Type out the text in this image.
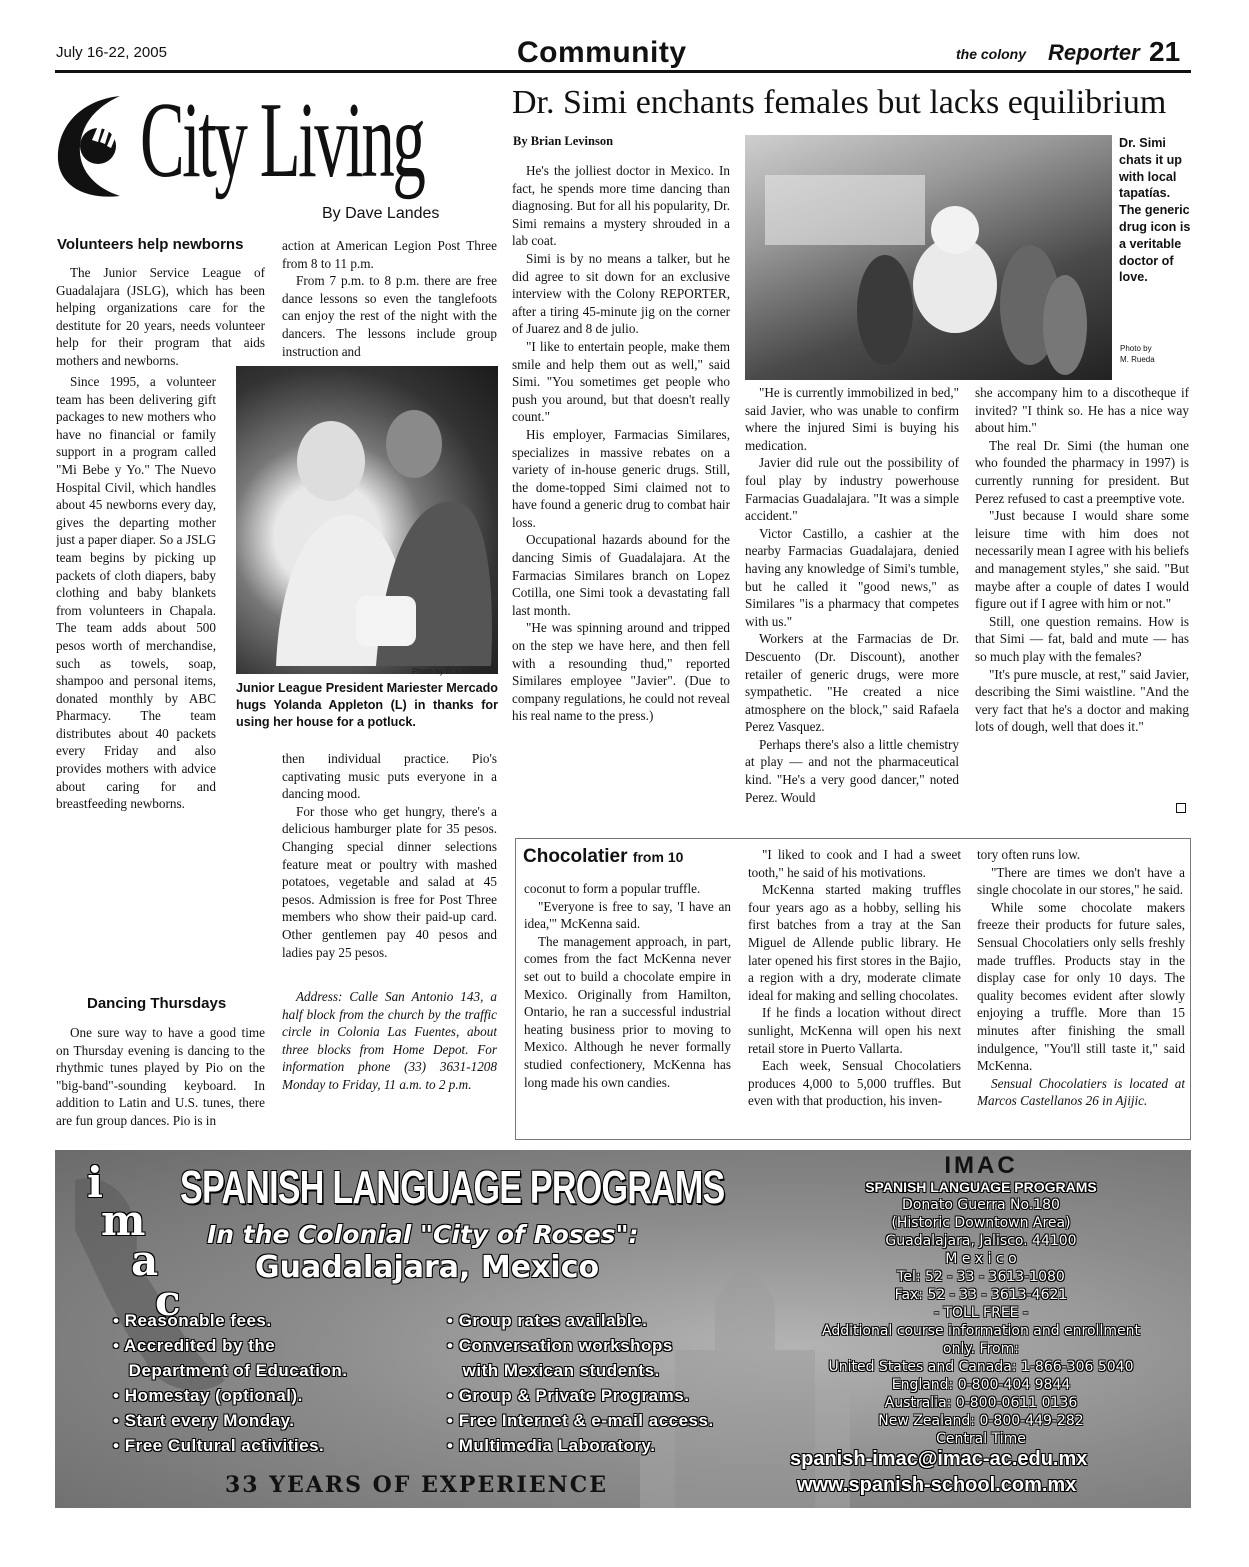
July 16-22, 2005	Community	the colony Reporter 21
City Living
By Dave Landes
Volunteers help newborns

The Junior Service League of Guadalajara (JSLG), which has been helping organizations care for the destitute for 20 years, needs volunteer help for their program that aids mothers and newborns.

Since 1995, a volunteer team has been delivering gift packages to new mothers who have no financial or family support in a program called "Mi Bebe y Yo." The Nuevo Hospital Civil, which handles about 45 newborns every day, gives the departing mother just a paper diaper. So a JSLG team begins by picking up packets of cloth diapers, baby clothing and baby blankets from volunteers in Chapala. The team adds about 500 pesos worth of merchandise, such as towels, soap, shampoo and personal items, donated monthly by ABC Pharmacy. The team distributes about 40 packets every Friday and also provides mothers with advice about caring for and breastfeeding newborns.

Dancing Thursdays

One sure way to have a good time on Thursday evening is dancing to the rhythmic tunes played by Pio on the "big-band"-sounding keyboard. In addition to Latin and U.S. tunes, there are fun group dances. Pio is in

action at American Legion Post Three from 8 to 11 p.m.

From 7 p.m. to 8 p.m. there are free dance lessons so even the tanglefoots can enjoy the rest of the night with the dancers. The lessons include group instruction and

Photo by D. Landes
Junior League President Mariester Mercado hugs Yolanda Appleton (L) in thanks for using her house for a potluck.

then individual practice. Pio's captivating music puts everyone in a dancing mood.

For those who get hungry, there's a delicious hamburger plate for 35 pesos. Changing special dinner selections feature meat or poultry with mashed potatoes, vegetable and salad at 45 pesos. Admission is free for Post Three members who show their paid-up card. Other gentlemen pay 40 pesos and ladies pay 25 pesos.

Address: Calle San Antonio 143, a half block from the church by the traffic circle in Colonia Las Fuentes, about three blocks from Home Depot. For information phone (33) 3631-1208 Monday to Friday, 11 a.m. to 2 p.m.

Dr. Simi enchants females but lacks equilibrium
By Brian Levinson	Dr. Simi chats it up with local tapatías. The generic drug icon is a veritable doctor of love.
Photo by
M. Rueda

He's the jolliest doctor in Mexico. In fact, he spends more time dancing than diagnosing. But for all his popularity, Dr. Simi remains a mystery shrouded in a lab coat.

Simi is by no means a talker, but he did agree to sit down for an exclusive interview with the Colony REPORTER, after a tiring 45-minute jig on the corner of Juarez and 8 de julio.

"I like to entertain people, make them smile and help them out as well," said Simi. "You sometimes get people who push you around, but that doesn't really count."

His employer, Farmacias Similares, specializes in massive rebates on a variety of in-house generic drugs. Still, the dome-topped Simi claimed not to have found a generic drug to combat hair loss.

Occupational hazards abound for the dancing Simis of Guadalajara. At the Farmacias Similares branch on Lopez Cotilla, one Simi took a devastating fall last month.

"He was spinning around and tripped on the step we have here, and then fell with a resounding thud," reported Similares employee "Javier". (Due to company regulations, he could not reveal his real name to the press.)

"He is currently immobilized in bed," said Javier, who was unable to confirm where the injured Simi is buying his medication.

Javier did rule out the possibility of foul play by industry powerhouse Farmacias Guadalajara. "It was a simple accident."

Victor Castillo, a cashier at the nearby Farmacias Guadalajara, denied having any knowledge of Simi's tumble, but he called it "good news," as Similares "is a pharmacy that competes with us."

Workers at the Farmacias de Dr. Descuento (Dr. Discount), another retailer of generic drugs, were more sympathetic. "He created a nice atmosphere on the block," said Rafaela Perez Vasquez.

Perhaps there's also a little chemistry at play — and not the pharmaceutical kind. "He's a very good dancer," noted Perez. Would

she accompany him to a discotheque if invited? "I think so. He has a nice way about him."

The real Dr. Simi (the human one who founded the pharmacy in 1997) is currently running for president. But Perez refused to cast a preemptive vote.

"Just because I would share some leisure time with him does not necessarily mean I agree with his beliefs and management styles," she said. "But maybe after a couple of dates I would figure out if I agree with him or not."

Still, one question remains. How is that Simi — fat, bald and mute — has so much play with the females?

"It's pure muscle, at rest," said Javier, describing the Simi waistline. "And the very fact that he's a doctor and making lots of dough, well that does it."

Chocolatier from 10

coconut to form a popular truffle.

"Everyone is free to say, 'I have an idea,'" McKenna said.

The management approach, in part, comes from the fact McKenna never set out to build a chocolate empire in Mexico. Originally from Hamilton, Ontario, he ran a successful industrial heating business prior to moving to Mexico. Although he never formally studied confectionery, McKenna has long made his own candies.

"I liked to cook and I had a sweet tooth," he said of his motivations.

McKenna started making truffles four years ago as a hobby, selling his first batches from a tray at the San Miguel de Allende public library. He later opened his first stores in the Bajio, a region with a dry, moderate climate ideal for making and selling chocolates.

If he finds a location without direct sunlight, McKenna will open his next retail store in Puerto Vallarta.

Each week, Sensual Chocolatiers produces 4,000 to 5,000 truffles. But even with that production, his inven-

tory often runs low.

"There are times we don't have a single chocolate in our stores," he said.

While some chocolate makers freeze their products for future sales, Sensual Chocolatiers only sells freshly made truffles. Products stay in the display case for only 10 days. The quality becomes evident after slowly enjoying a truffle. More than 15 minutes after finishing the small indulgence, "You'll still taste it," said McKenna.

Sensual Chocolatiers is located at Marcos Castellanos 26 in Ajijic.

i
m
a
c
SPANISH LANGUAGE PROGRAMS
In the Colonial "City of Roses":
Guadalajara, Mexico
• Reasonable fees.
• Accredited by the
Department of Education.
• Homestay (optional).
• Start every Monday.
• Free Cultural activities.
• Group rates available.
• Conversation workshops
with Mexican students.
• Group & Private Programs.
• Free Internet & e-mail access.
• Multimedia Laboratory.
33 YEARS OF EXPERIENCE
IMAC
SPANISH LANGUAGE PROGRAMS
Donato Guerra No.180
(Historic Downtown Area)
Guadalajara, Jalisco. 44100
M e x i c o
Tel: 52 - 33 - 3613-1080
Fax: 52 - 33 - 3613-4621
- TOLL FREE -
Additional course information and enrollment
only. From:
United States and Canada: 1-866-306 5040
England: 0-800-404 9844
Australia: 0-800-0611 0136
New Zealand: 0-800-449-282
Central Time
spanish-imac@imac-ac.edu.mx
www.spanish-school.com.mx
